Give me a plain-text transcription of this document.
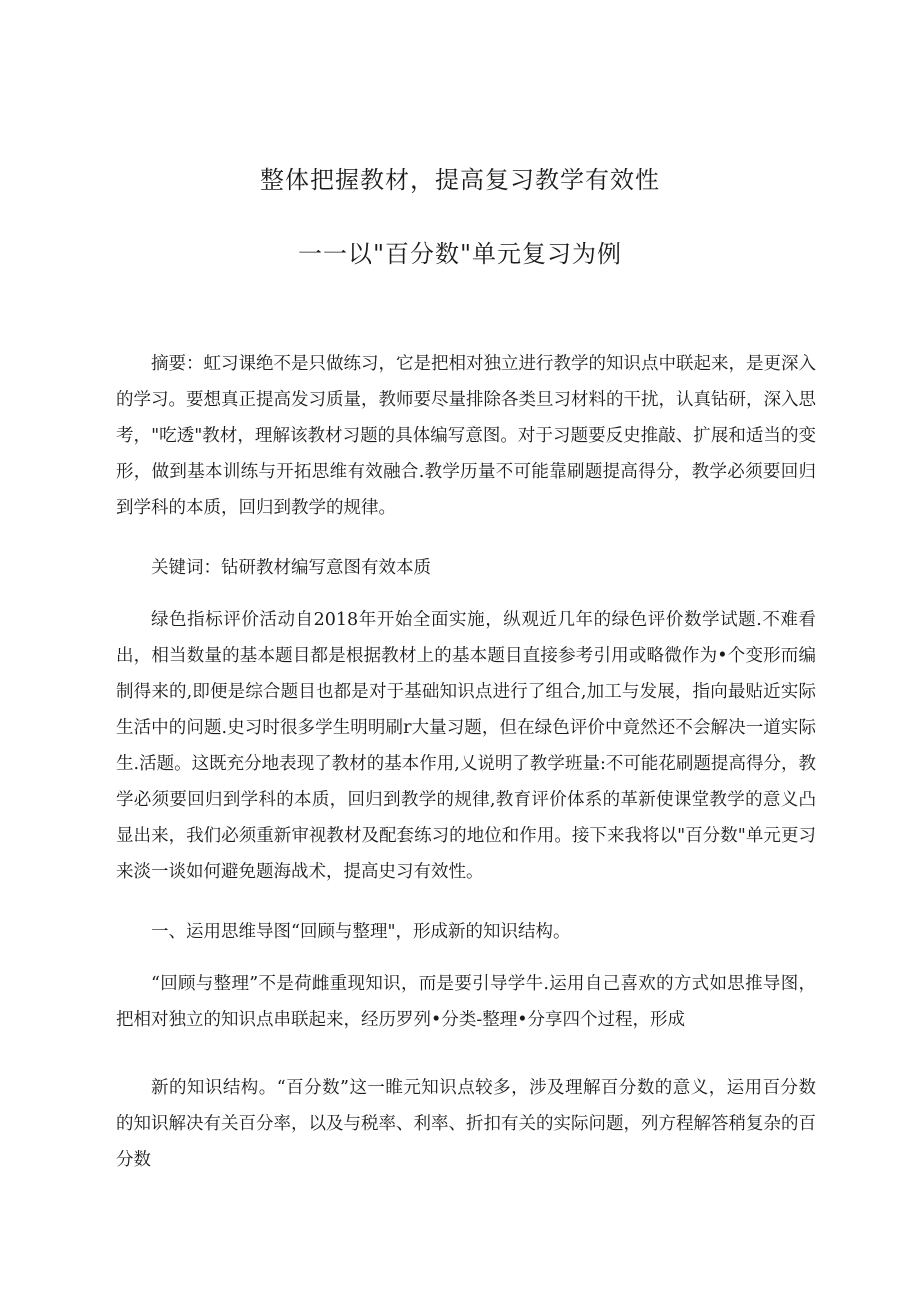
整体把握教材，提高复习教学有效性
一一以"百分数"单元复习为例

摘要：虹习课绝不是只做练习，它是把相对独立进行教学的知识点中联起来，是更深入的学习。要想真正提高发习质量，教师要尽量排除各类旦习材料的干扰，认真钻研，深入思考，"吃透"教材，理解该教材习题的具体编写意图。对于习题要反史推敲、扩展和适当的变形，做到基本训练与开拓思维有效融合.教学历量不可能靠刷题提高得分，教学必须要回归到学科的本质，回归到教学的规律。

关键词：钻研教材编写意图有效本质

绿色指标评价活动自2018年开始全面实施，纵观近几年的绿色评价数学试题.不难看出，相当数量的基本题目都是根据教材上的基本题目直接参考引用或略微作为•个变形而编制得来的,即便是综合题目也都是对于基础知识点进行了组合,加工与发展，指向最贴近实际生活中的问题.史习时很多学生明明刷r大量习题，但在绿色评价中竟然还不会解决一道实际生.活题。这既充分地表现了教材的基本作用,乂说明了教学班量:不可能花刷题提高得分，教学必须要回归到学科的本质，回归到教学的规律,教育评价体系的革新使课堂教学的意义凸显出来，我们必须重新审视教材及配套练习的地位和作用。接下来我将以"百分数"单元更习来淡一谈如何避免题海战术，提高史习有效性。

一、运用思维导图“回顾与整理"，形成新的知识结构。

“回顾与整理”不是荷雌重现知识，而是要引导学牛.运用自己喜欢的方式如思推导图，把相对独立的知识点串联起来，经历罗列•分类-整理•分享四个过程，形成

新的知识结构。“百分数”这一睢元知识点较多，涉及理解百分数的意义，运用百分数的知识解决有关百分率，以及与税率、利率、折扣有关的实际问题，列方程解答稍复杂的百分数
